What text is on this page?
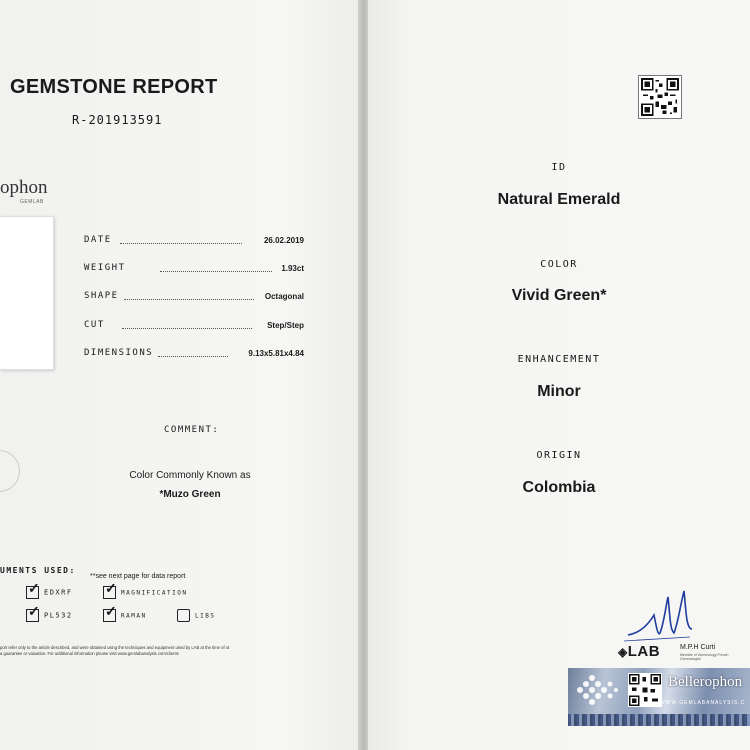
GEMSTONE REPORT
R-201913591
ophon
GEMLAB
DATE	26.02.2019
WEIGHT	1.93ct
SHAPE	Octagonal
CUT	Step/Step
DIMENSIONS	9.13x5.81x4.84
COMMENT:
Color Commonly Known as
*Muzo Green
UMENTS USED:
**see next page for data report
✓ EDXRF ✓ MAGNIFICATION
✓ PL532 ✓ RAMAN	LIBS
port refer only to the article described, and were obtained using the techniques and equipment used by LAB at the time of ot a guarantee or valuation. For additional information please visit www.gemlabanalysis.com/clients
ID
Natural Emerald
COLOR
Vivid Green*
ENHANCEMENT
Minor
ORIGIN
Colombia
◈LAB	M.P.H Curti
Member of Gemmology French Gemmologist
Bellerophon
WWW.GEMLABANALYSIS.C
